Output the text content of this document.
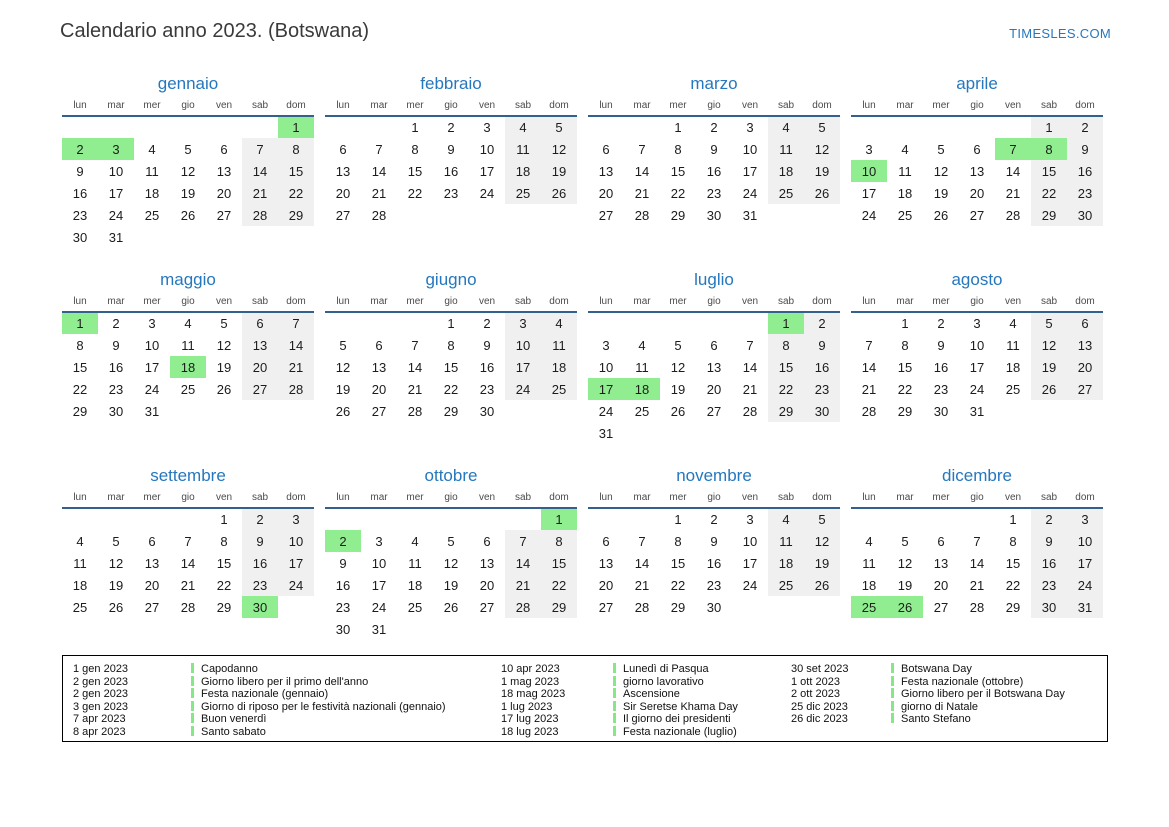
Calendario anno 2023. (Botswana)	TIMESLES.COM
gennaio
lun	mar	mer	gio	ven	sab	dom
						1
2	3	4	5	6	7	8
9	10	11	12	13	14	15
16	17	18	19	20	21	22
23	24	25	26	27	28	29
30	31					
febbraio
lun	mar	mer	gio	ven	sab	dom
		1	2	3	4	5
6	7	8	9	10	11	12
13	14	15	16	17	18	19
20	21	22	23	24	25	26
27	28					
marzo
lun	mar	mer	gio	ven	sab	dom
		1	2	3	4	5
6	7	8	9	10	11	12
13	14	15	16	17	18	19
20	21	22	23	24	25	26
27	28	29	30	31		
aprile
lun	mar	mer	gio	ven	sab	dom
					1	2
3	4	5	6	7	8	9
10	11	12	13	14	15	16
17	18	19	20	21	22	23
24	25	26	27	28	29	30
maggio
lun	mar	mer	gio	ven	sab	dom
1	2	3	4	5	6	7
8	9	10	11	12	13	14
15	16	17	18	19	20	21
22	23	24	25	26	27	28
29	30	31				
giugno
lun	mar	mer	gio	ven	sab	dom
			1	2	3	4
5	6	7	8	9	10	11
12	13	14	15	16	17	18
19	20	21	22	23	24	25
26	27	28	29	30		
luglio
lun	mar	mer	gio	ven	sab	dom
					1	2
3	4	5	6	7	8	9
10	11	12	13	14	15	16
17	18	19	20	21	22	23
24	25	26	27	28	29	30
31						
agosto
lun	mar	mer	gio	ven	sab	dom
	1	2	3	4	5	6
7	8	9	10	11	12	13
14	15	16	17	18	19	20
21	22	23	24	25	26	27
28	29	30	31			
settembre
lun	mar	mer	gio	ven	sab	dom
				1	2	3
4	5	6	7	8	9	10
11	12	13	14	15	16	17
18	19	20	21	22	23	24
25	26	27	28	29	30	
ottobre
lun	mar	mer	gio	ven	sab	dom
						1
2	3	4	5	6	7	8
9	10	11	12	13	14	15
16	17	18	19	20	21	22
23	24	25	26	27	28	29
30	31					
novembre
lun	mar	mer	gio	ven	sab	dom
		1	2	3	4	5
6	7	8	9	10	11	12
13	14	15	16	17	18	19
20	21	22	23	24	25	26
27	28	29	30			
dicembre
lun	mar	mer	gio	ven	sab	dom
				1	2	3
4	5	6	7	8	9	10
11	12	13	14	15	16	17
18	19	20	21	22	23	24
25	26	27	28	29	30	31
1 gen 2023	Capodanno	10 apr 2023	Lunedì di Pasqua	30 set 2023	Botswana Day
2 gen 2023	Giorno libero per il primo dell'anno	1 mag 2023	giorno lavorativo	1 ott 2023	Festa nazionale (ottobre)
2 gen 2023	Festa nazionale (gennaio)	18 mag 2023	Ascensione	2 ott 2023	Giorno libero per il Botswana Day
3 gen 2023	Giorno di riposo per le festività nazionali (gennaio)	1 lug 2023	Sir Seretse Khama Day	25 dic 2023	giorno di Natale
7 apr 2023	Buon venerdì	17 lug 2023	Il giorno dei presidenti	26 dic 2023	Santo Stefano
8 apr 2023	Santo sabato	18 lug 2023	Festa nazionale (luglio)
